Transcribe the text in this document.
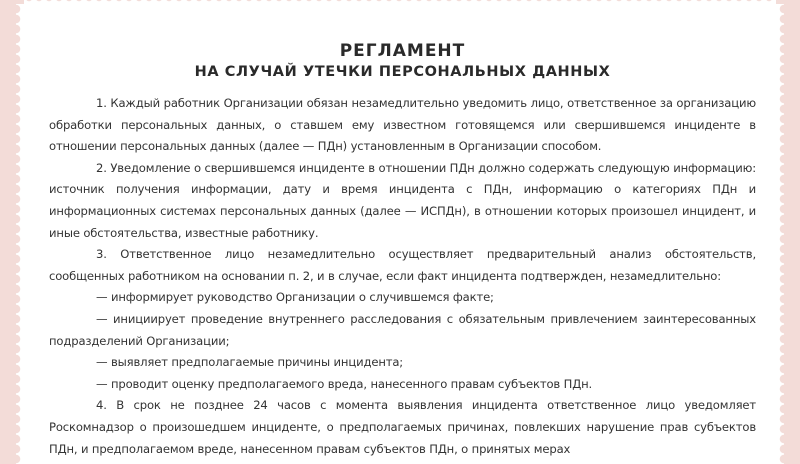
РЕГЛАМЕНТ
НА СЛУЧАЙ УТЕЧКИ ПЕРСОНАЛЬНЫХ ДАННЫХ

1. Каждый работник Организации обязан незамедлительно уведомить лицо, ответственное за организацию обработки персональных данных, о ставшем ему известном готовящемся или свершившемся инциденте в отношении персональных данных (далее — ПДн) установленным в Организации способом.

2. Уведомление о свершившемся инциденте в отношении ПДн должно содержать следующую информацию: источник получения информации, дату и время инцидента с ПДн, информацию о категориях ПДн и информационных системах персональных данных (далее — ИСПДн), в отношении которых произошел инцидент, и иные обстоятельства, известные работнику.

3. Ответственное лицо незамедлительно осуществляет предварительный анализ обстоятельств, сообщенных работником на основании п. 2, и в случае, если факт инцидента подтвержден, незамедлительно:

— информирует руководство Организации о случившемся факте;

— инициирует проведение внутреннего расследования с обязательным привлечением заинтересованных подразделений Организации;

— выявляет предполагаемые причины инцидента;

— проводит оценку предполагаемого вреда, нанесенного правам субъектов ПДн.

4. В срок не позднее 24 часов с момента выявления инцидента ответственное лицо уведомляет Роскомнадзор о произошедшем инциденте, о предполагаемых причинах, повлекших нарушение прав субъектов ПДн, и предполагаемом вреде, нанесенном правам субъектов ПДн, о принятых мерах
